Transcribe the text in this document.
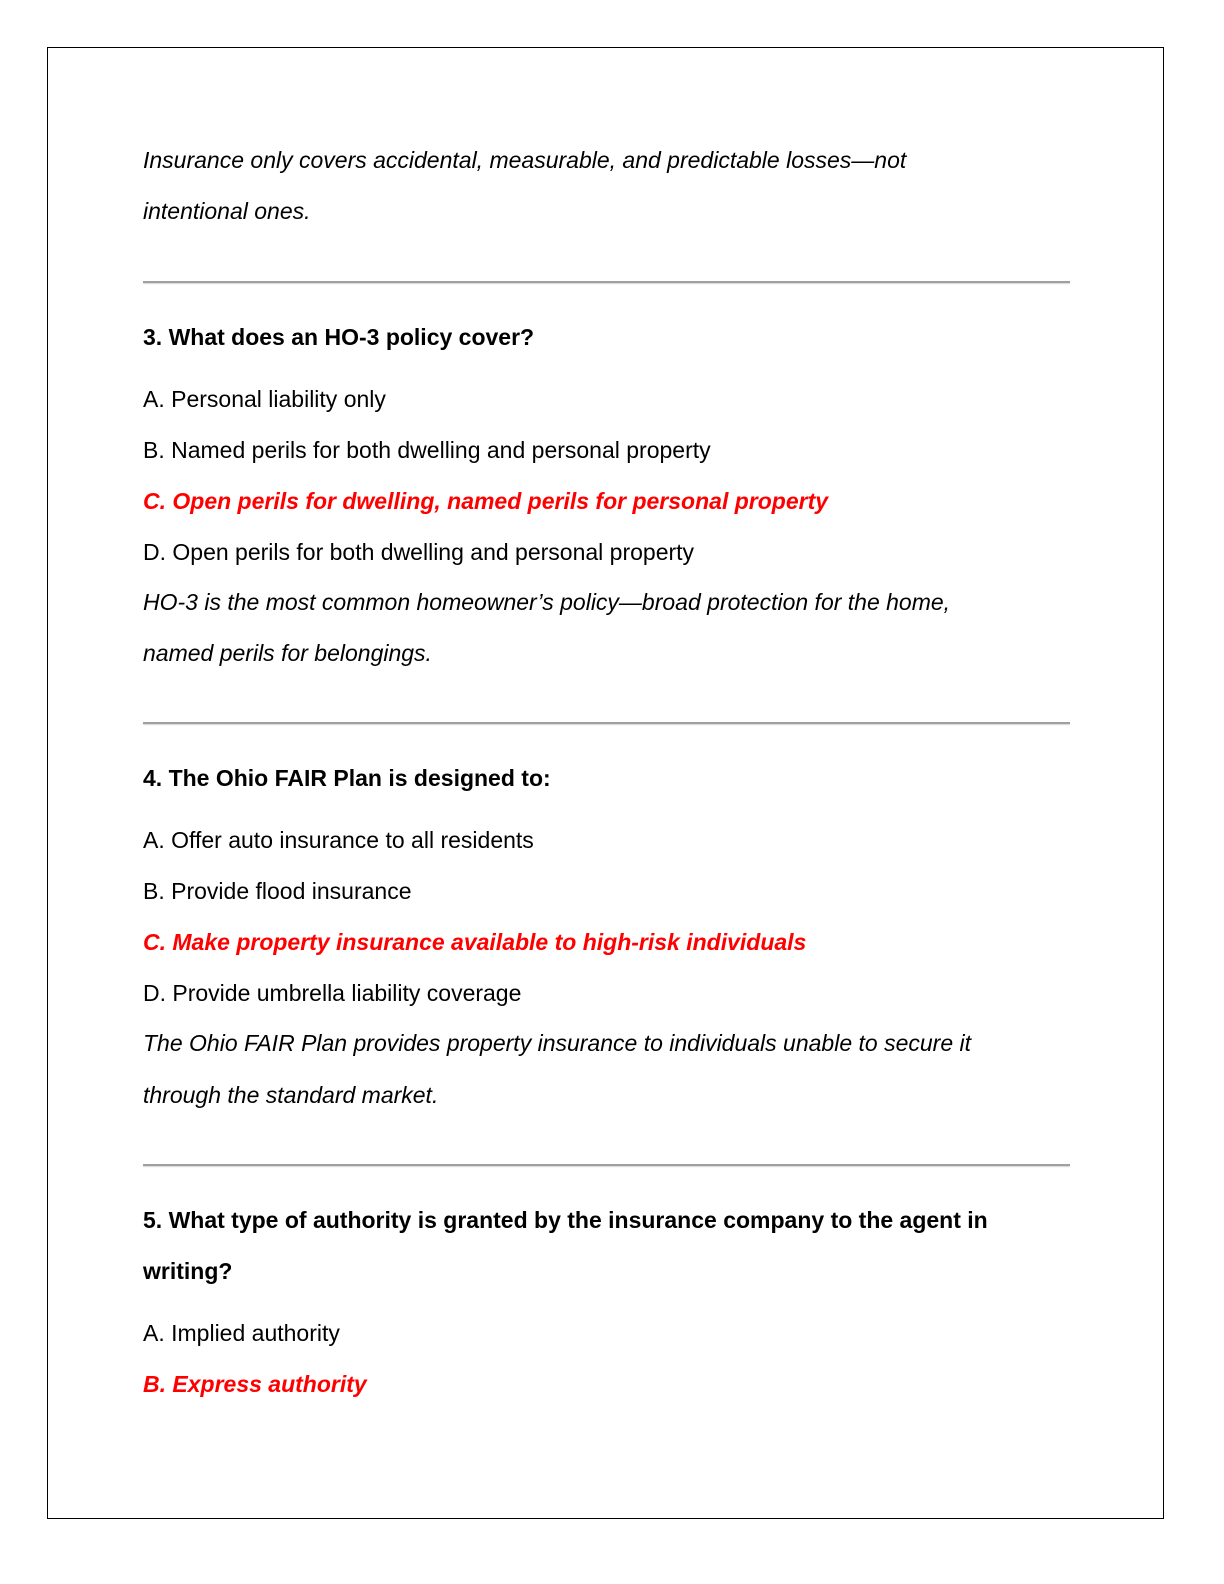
Insurance only covers accidental, measurable, and predictable losses—not
intentional ones.
3. What does an HO-3 policy cover?
A. Personal liability only
B. Named perils for both dwelling and personal property
C. Open perils for dwelling, named perils for personal property
D. Open perils for both dwelling and personal property
HO-3 is the most common homeowner’s policy—broad protection for the home,
named perils for belongings.
4. The Ohio FAIR Plan is designed to:
A. Offer auto insurance to all residents
B. Provide flood insurance
C. Make property insurance available to high-risk individuals
D. Provide umbrella liability coverage
The Ohio FAIR Plan provides property insurance to individuals unable to secure it
through the standard market.
5. What type of authority is granted by the insurance company to the agent in
writing?
A. Implied authority
B. Express authority
